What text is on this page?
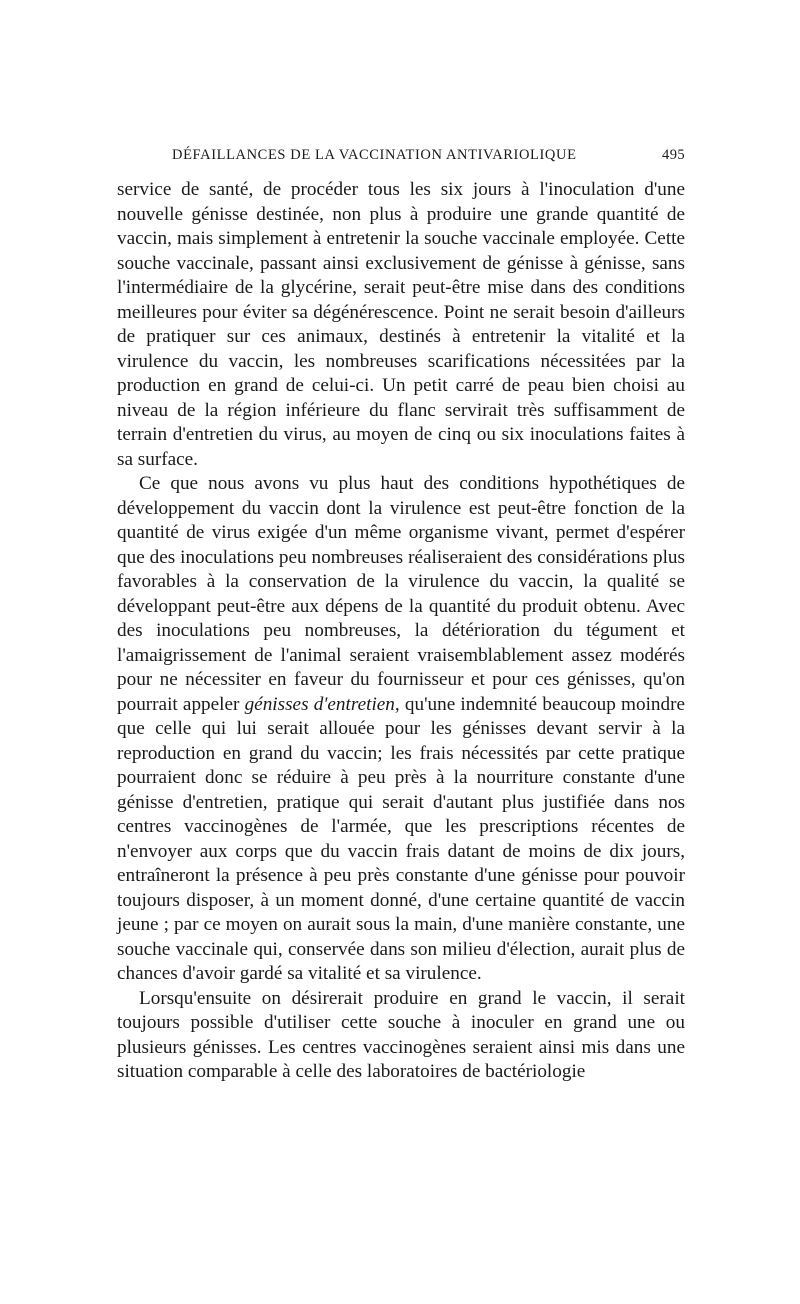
DÉFAILLANCES DE LA VACCINATION ANTIVARIOLIQUE	495

service de santé, de procéder tous les six jours à l'inoculation d'une nouvelle génisse destinée, non plus à produire une grande quantité de vaccin, mais simplement à entretenir la souche vaccinale employée. Cette souche vaccinale, passant ainsi exclusivement de génisse à génisse, sans l'intermédiaire de la glycérine, serait peut-être mise dans des conditions meilleures pour éviter sa dégénérescence. Point ne serait besoin d'ailleurs de pratiquer sur ces animaux, destinés à entretenir la vitalité et la virulence du vaccin, les nombreuses scarifications nécessitées par la production en grand de celui-ci. Un petit carré de peau bien choisi au niveau de la région inférieure du flanc servirait très suffisamment de terrain d'entretien du virus, au moyen de cinq ou six inoculations faites à sa surface.

Ce que nous avons vu plus haut des conditions hypothétiques de développement du vaccin dont la virulence est peut-être fonction de la quantité de virus exigée d'un même organisme vivant, permet d'espérer que des inoculations peu nombreuses réaliseraient des considérations plus favorables à la conservation de la virulence du vaccin, la qualité se développant peut-être aux dépens de la quantité du produit obtenu. Avec des inoculations peu nombreuses, la détérioration du tégument et l'amaigrissement de l'animal seraient vraisemblablement assez modérés pour ne nécessiter en faveur du fournisseur et pour ces génisses, qu'on pourrait appeler génisses d'entretien, qu'une indemnité beaucoup moindre que celle qui lui serait allouée pour les génisses devant servir à la reproduction en grand du vaccin; les frais nécessités par cette pratique pourraient donc se réduire à peu près à la nourriture constante d'une génisse d'entretien, pratique qui serait d'autant plus justifiée dans nos centres vaccinogènes de l'armée, que les prescriptions récentes de n'envoyer aux corps que du vaccin frais datant de moins de dix jours, entraîneront la présence à peu près constante d'une génisse pour pouvoir toujours disposer, à un moment donné, d'une certaine quantité de vaccin jeune ; par ce moyen on aurait sous la main, d'une manière constante, une souche vaccinale qui, conservée dans son milieu d'élection, aurait plus de chances d'avoir gardé sa vitalité et sa virulence.

Lorsqu'ensuite on désirerait produire en grand le vaccin, il serait toujours possible d'utiliser cette souche à inoculer en grand une ou plusieurs génisses. Les centres vaccinogènes seraient ainsi mis dans une situation comparable à celle des laboratoires de bactériologie
